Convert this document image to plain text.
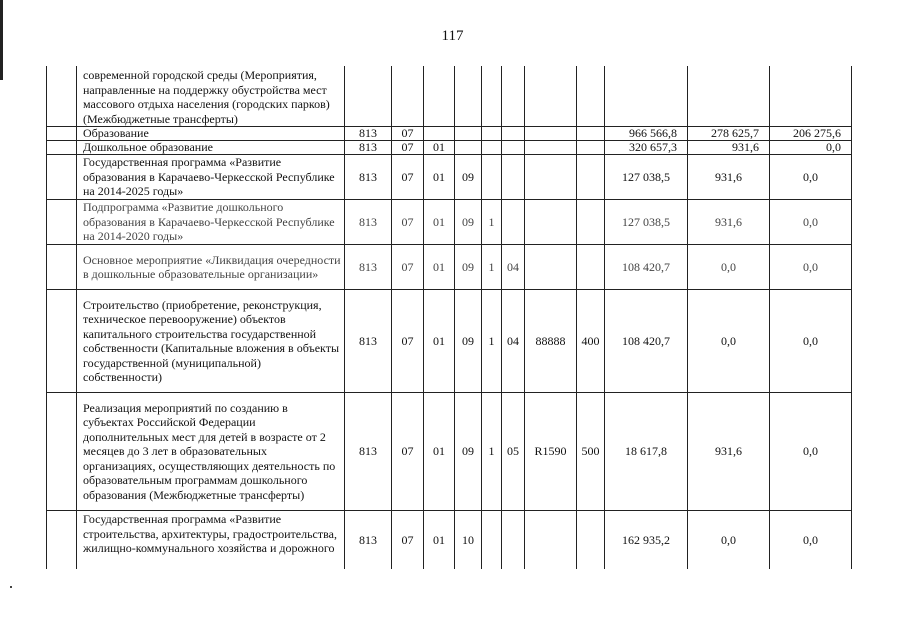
117
	современной городской среды (Мероприятия, направленные на поддержку обустройства мест массового отдыха населения (городских парков) (Межбюджетные трансферты)											
	Образование	813	07							966 566,8	278 625,7	206 275,6
	Дошкольное образование	813	07	01						320 657,3	931,6	0,0
	Государственная программа «Развитие образования в Карачаево-Черкесской Республике на 2014-2025 годы»	813	07	01	09					127 038,5	931,6	0,0
	Подпрограмма «Развитие дошкольного образования в Карачаево-Черкесской Республике на 2014-2020 годы»	813	07	01	09	1				127 038,5	931,6	0,0
	Основное мероприятие «Ликвидация очередности в дошкольные образовательные организации»	813	07	01	09	1	04			108 420,7	0,0	0,0
	Строительство (приобретение, реконструкция, техническое перевооружение) объектов капитального строительства государственной собственности (Капитальные вложения в объекты государственной (муниципальной) собственности)	813	07	01	09	1	04	88888	400	108 420,7	0,0	0,0
	Реализация мероприятий по созданию в субъектах Российской Федерации дополнительных мест для детей в возрасте от 2 месяцев до 3 лет в образовательных организациях, осуществляющих деятельность по образовательным программам дошкольного образования (Межбюджетные трансферты)	813	07	01	09	1	05	R1590	500	18 617,8	931,6	0,0
	Государственная программа «Развитие строительства, архитектуры, градостроительства, жилищно-коммунального хозяйства и дорожного	813	07	01	10					162 935,2	0,0	0,0
